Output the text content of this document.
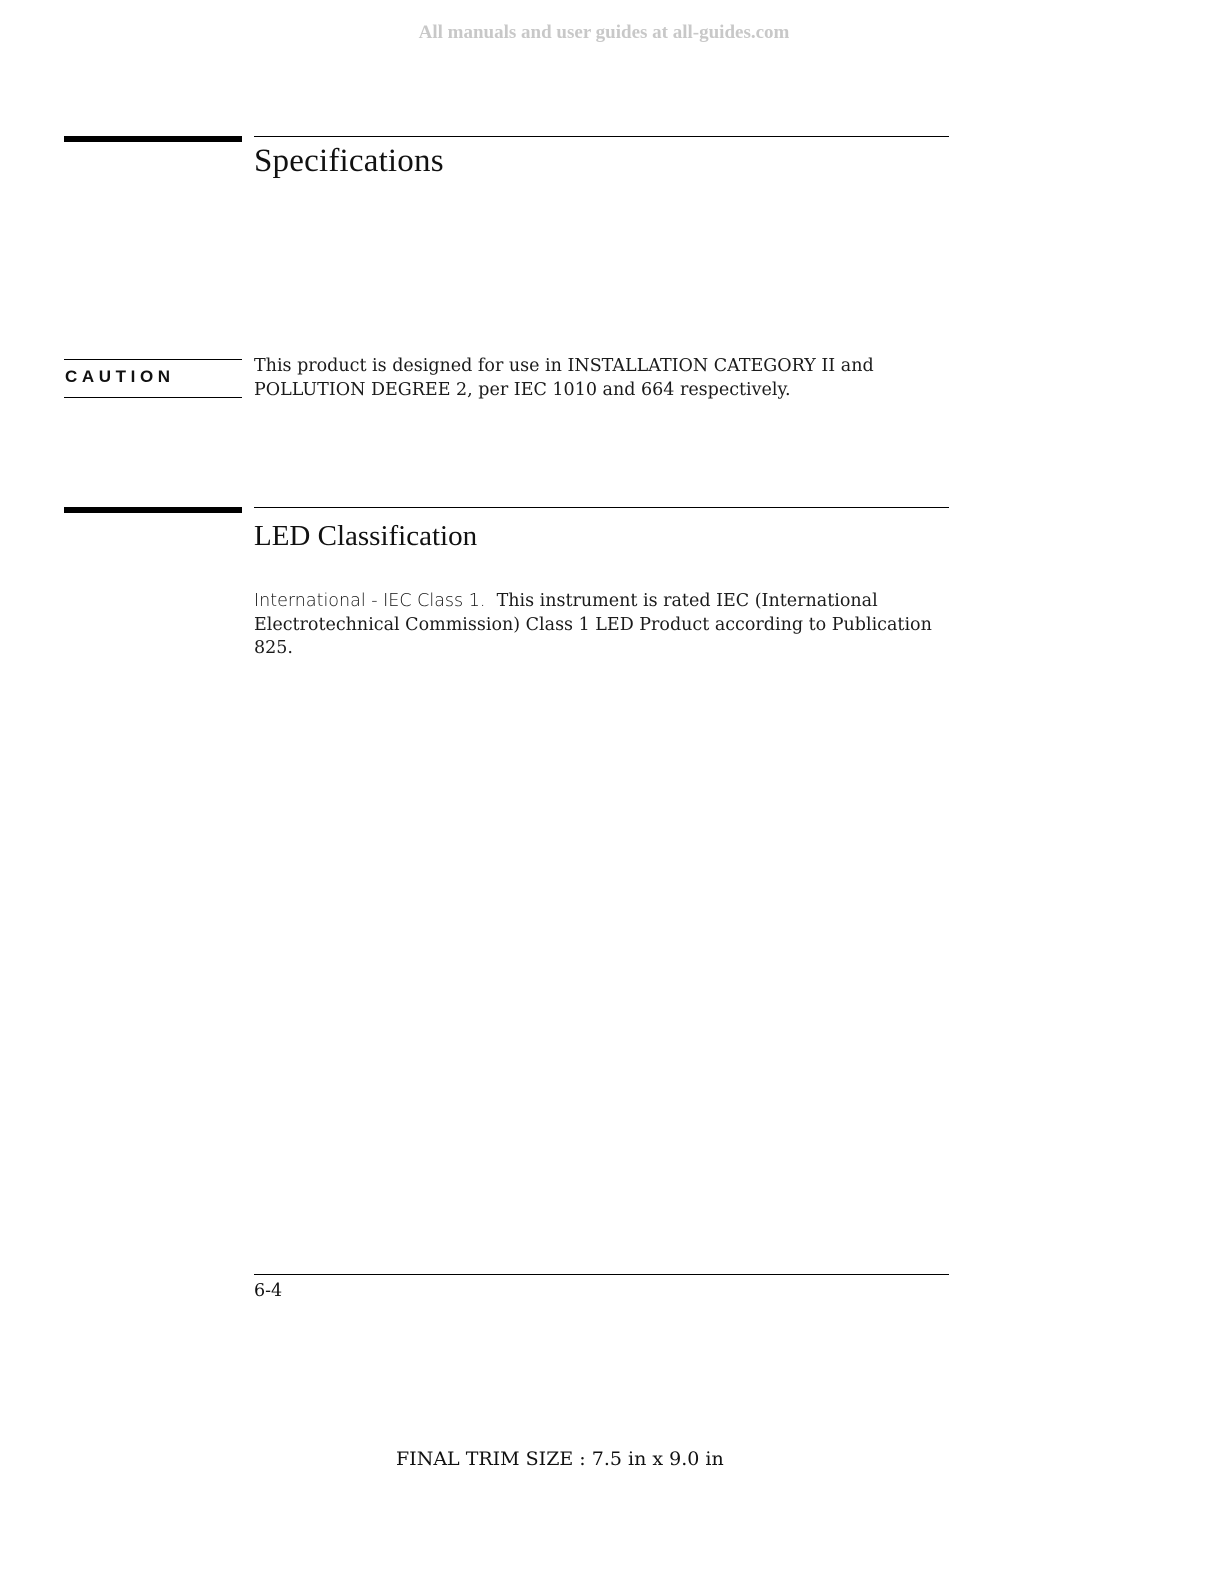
All manuals and user guides at all-guides.com
Specifications
CAUTION
This product is designed for use in INSTALLATION CATEGORY II and
POLLUTION DEGREE 2, per IEC 1010 and 664 respectively.
LED Classification
International - IEC Class 1. This instrument is rated IEC (International
Electrotechnical Commission) Class 1 LED Product according to Publication
825.
6-4
FINAL TRIM SIZE : 7.5 in x 9.0 in
